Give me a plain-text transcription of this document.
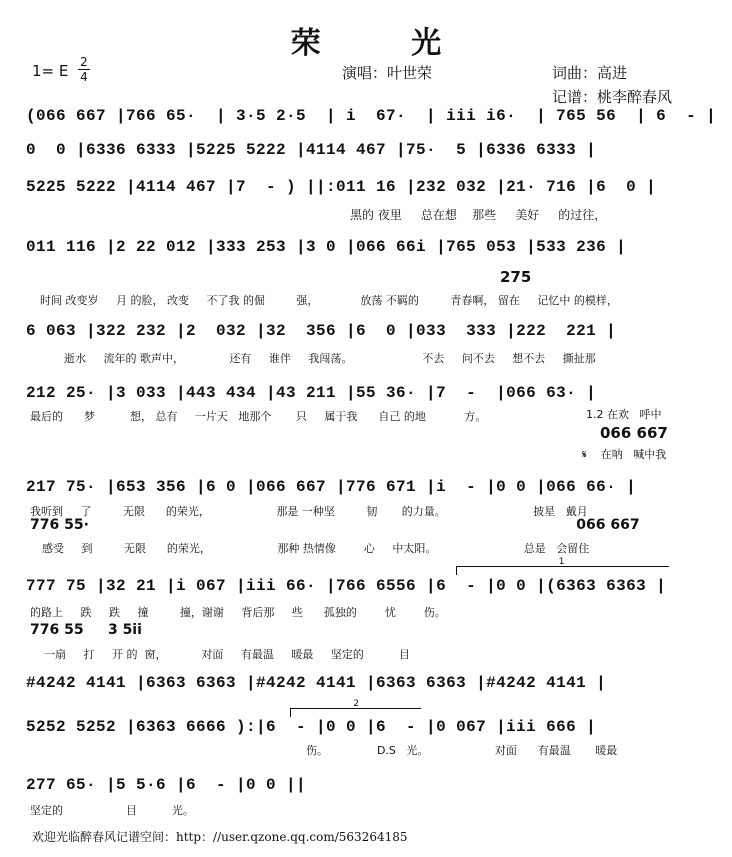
荣 光
1= E 2
4	演唱：叶世荣	词曲：高进
记谱：桃李醉春风
(066 667 |766 65·  | 3·5 2·5  | i  67·  | iii i6·  | 765 56  | 6  - |
0  0 |6336 6333 |5225 5222 |4114 467 |75·  5 |6336 6333 |
5225 5222 |4114 467 |7  - ) ||:011 16 |232 032 |21· 716 |6  0 |
黑的 夜里     总在想    那些     美好     的过往，
011 116 |2 22 012 |333 253 |3 0 |066 66i |765 053 |533 236 |
275
时间 改变岁     月 的脸， 改变     不了我 的倔         强，            放荡 不羁的         青春啊， 留在     记忆中 的模样，
6 063 |322 232 |2  032 |32  356 |6  0 |033  333 |222  221 |
逝水     流年的 歌声中，             还有     谁伴     我闯荡。                    不去     问不去     想不去     撕扯那
212 25· |3 033 |443 434 |43 211 |55 36· |7  -  |066 63· |
最后的      梦          想， 总有     一片天   地那个       只     属于我      自己 的地           方。	1.2 在欢   呼中
066 667
𝄋    在呐   喊中我
217 75· |653 356 |6 0 |066 667 |776 671 |i  - |0 0 |066 66· |
我听到     了         无限      的荣光，                   那是 一种坚         韧       的力量。                         披星   戴月
776 55·                                                                                                    066 667
感受     到         无限      的荣光，                   那种 热情像        心     中太阳。                         总是   会留住
777 75 |32 21 |i 067 |iii 66· |766 6556 |6  - |0 0 |(6363 6363 |
1
的路上     跌     跌     撞         撞，谢谢     背后那     些      孤独的        忧        伤。
776 55     3 5ii
一扇     打     开 的  窗，          对面     有最温     暖最     坚定的          目
#4242 4141 |6363 6363 |#4242 4141 |6363 6363 |#4242 4141 |
5252 5252 |6363 6666 ):|6  - |0 0 |6  - |0 067 |iii 666 |
2
伤。              D.S   光。                   对面      有最温       暖最
277 65· |5 5·6 |6  - |0 0 ||
坚定的                  目          光。
欢迎光临醉春风记谱空间：http：//user.qzone.qq.com/563264185
